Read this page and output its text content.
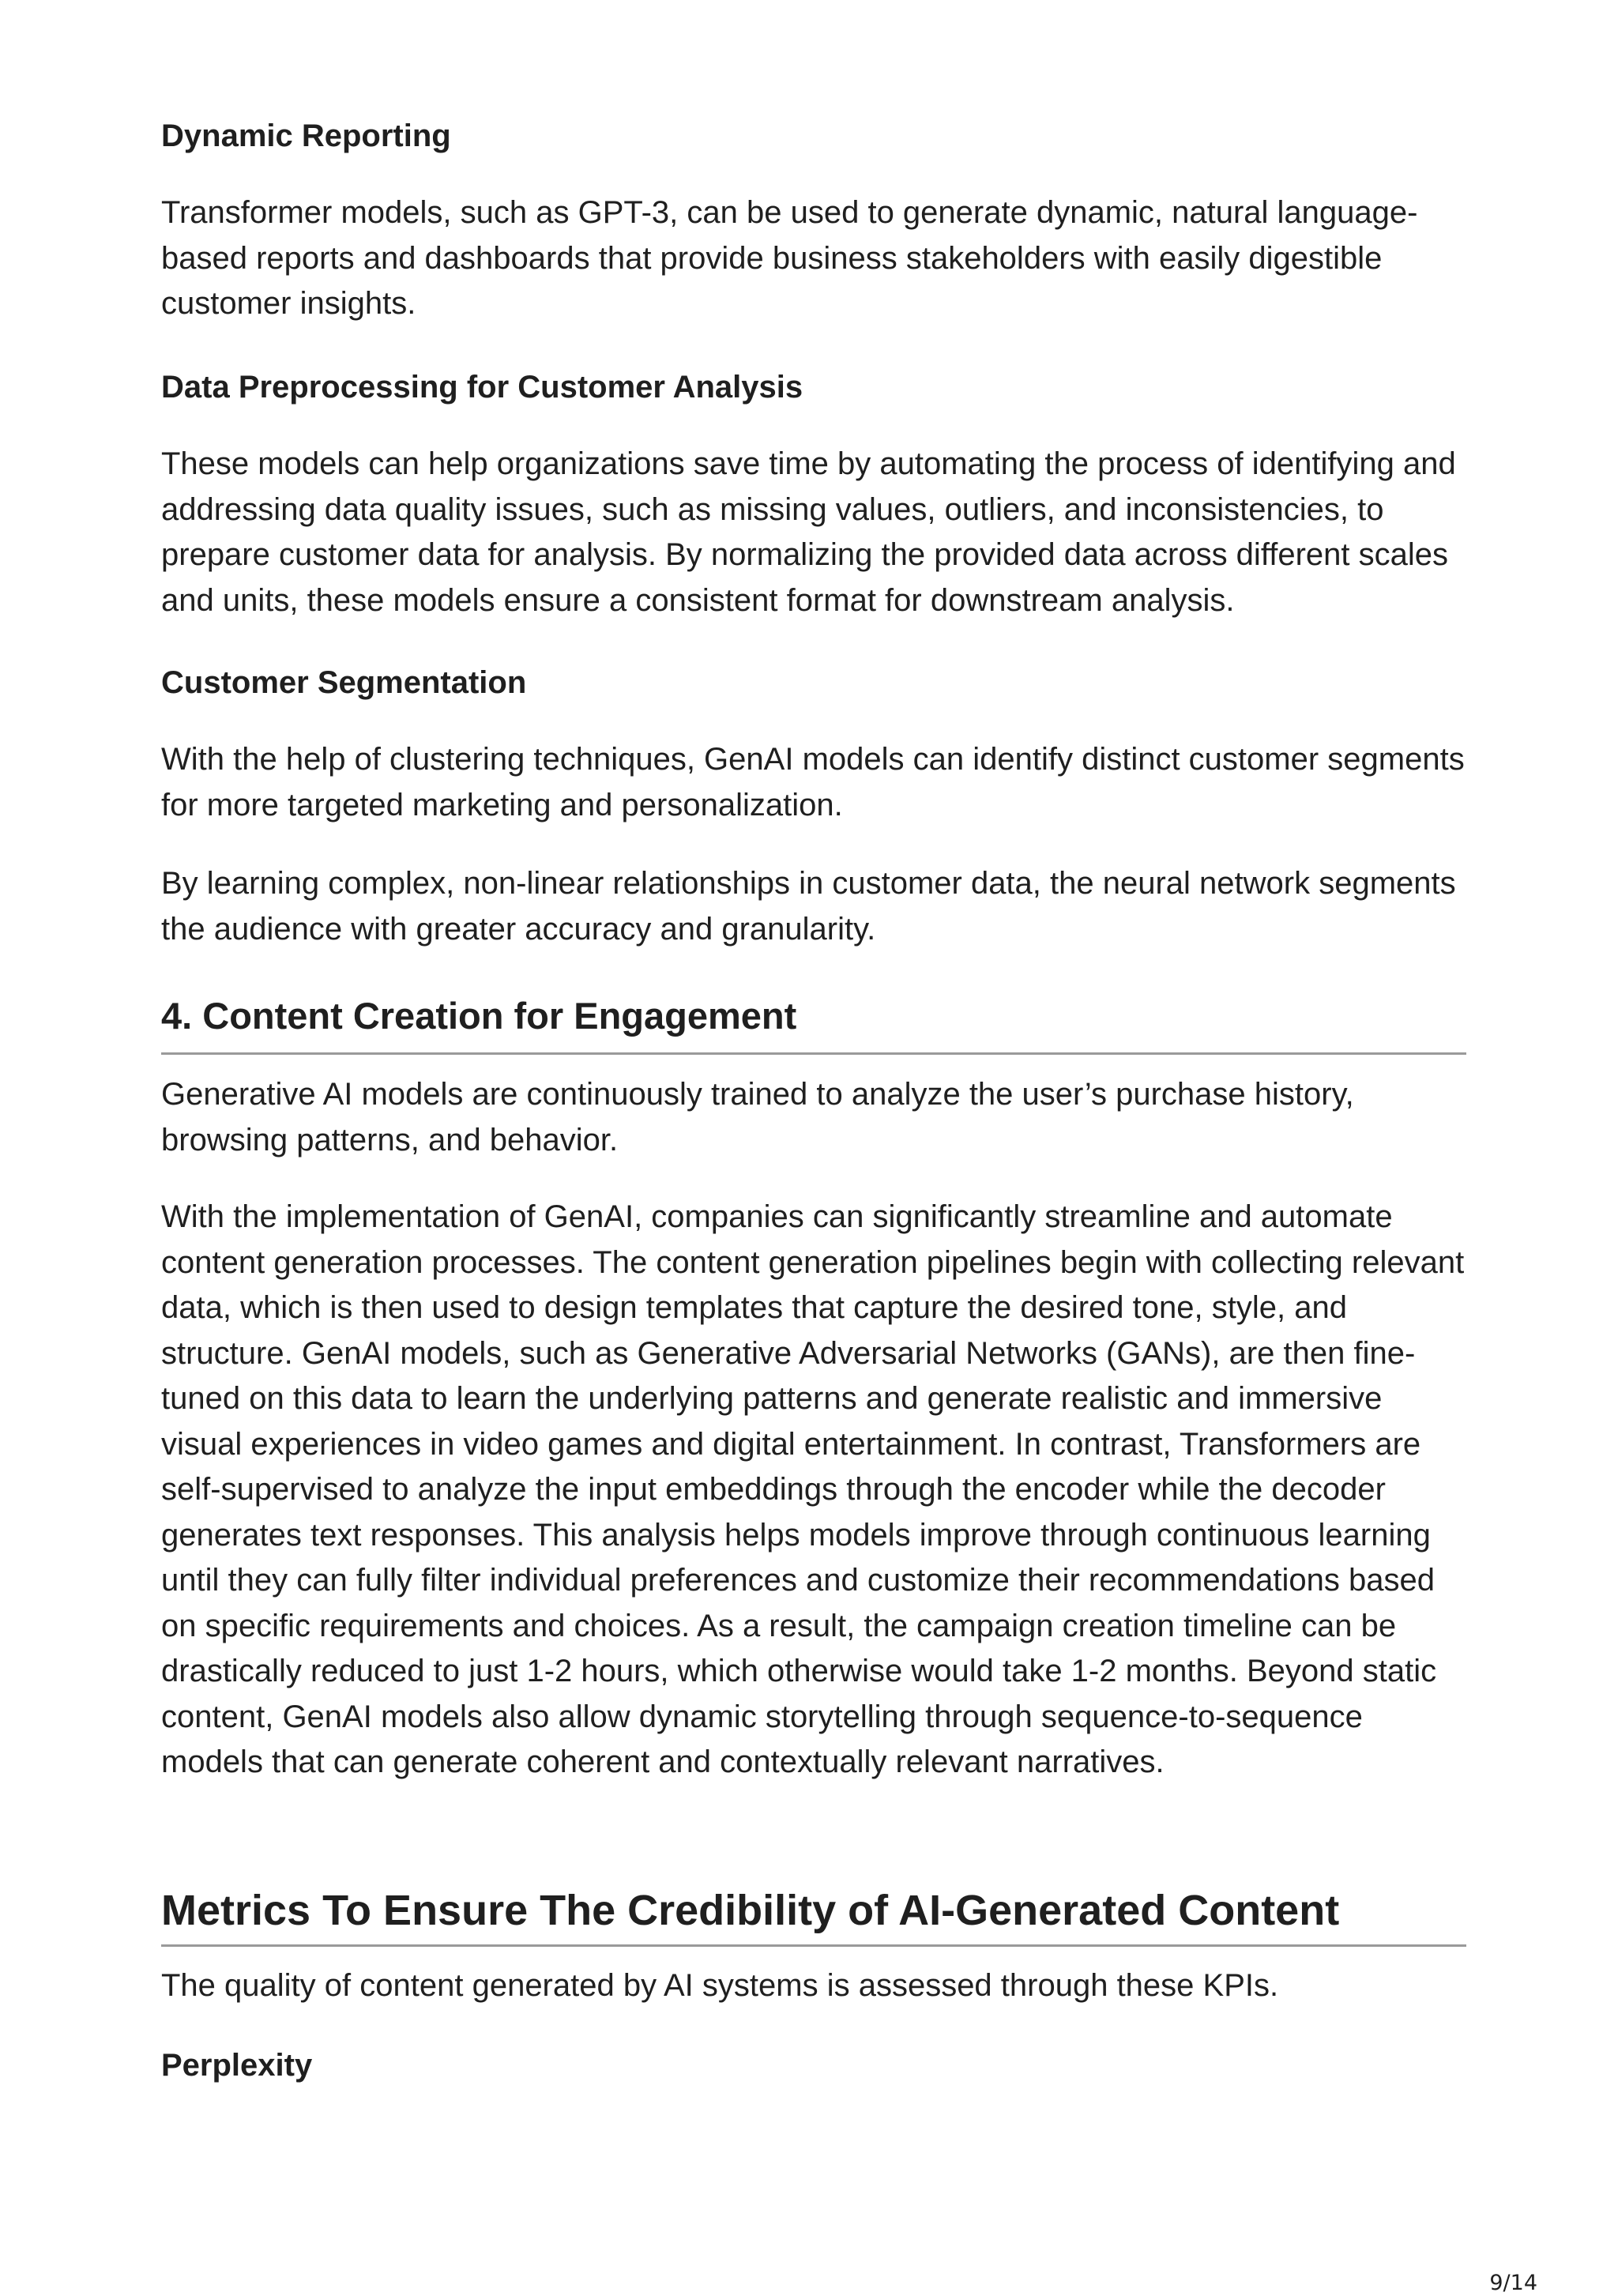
Dynamic Reporting

Transformer models, such as GPT-3, can be used to generate dynamic, natural language-based reports and dashboards that provide business stakeholders with easily digestible customer insights.

Data Preprocessing for Customer Analysis

These models can help organizations save time by automating the process of identifying and addressing data quality issues, such as missing values, outliers, and inconsistencies, to prepare customer data for analysis. By normalizing the provided data across different scales and units, these models ensure a consistent format for downstream analysis.

Customer Segmentation

With the help of clustering techniques, GenAI models can identify distinct customer segments for more targeted marketing and personalization.

By learning complex, non-linear relationships in customer data, the neural network segments the audience with greater accuracy and granularity.

4. Content Creation for Engagement

Generative AI models are continuously trained to analyze the user’s purchase history, browsing patterns, and behavior.

With the implementation of GenAI, companies can significantly streamline and automate content generation processes. The content generation pipelines begin with collecting relevant data, which is then used to design templates that capture the desired tone, style, and structure. GenAI models, such as Generative Adversarial Networks (GANs), are then fine-tuned on this data to learn the underlying patterns and generate realistic and immersive visual experiences in video games and digital entertainment. In contrast, Transformers are self-supervised to analyze the input embeddings through the encoder while the decoder generates text responses. This analysis helps models improve through continuous learning until they can fully filter individual preferences and customize their recommendations based on specific requirements and choices. As a result, the campaign creation timeline can be drastically reduced to just 1-2 hours, which otherwise would take 1-2 months. Beyond static content, GenAI models also allow dynamic storytelling through sequence-to-sequence models that can generate coherent and contextually relevant narratives.

Metrics To Ensure The Credibility of AI-Generated Content

The quality of content generated by AI systems is assessed through these KPIs.

Perplexity
9/14
